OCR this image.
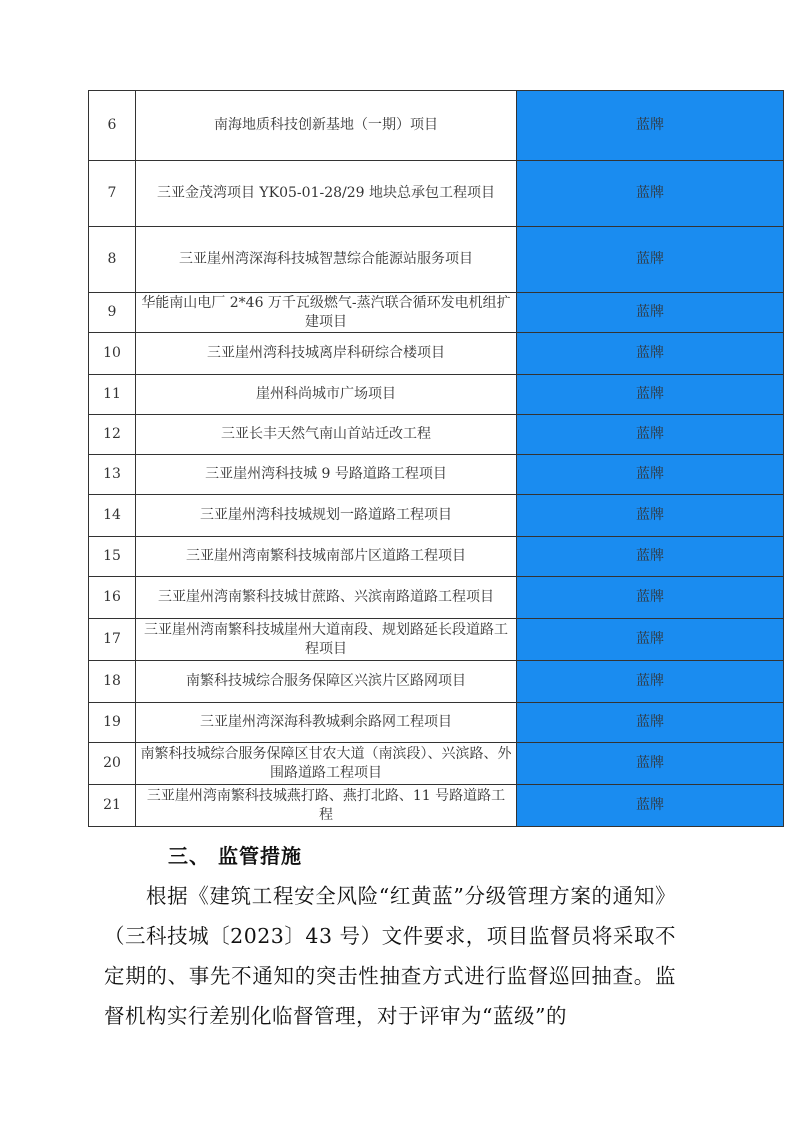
6	南海地质科技创新基地（一期）项目	蓝牌
7	三亚金茂湾项目 YK05-01-28/29 地块总承包工程项目	蓝牌
8	三亚崖州湾深海科技城智慧综合能源站服务项目	蓝牌
9	华能南山电厂 2*46 万千瓦级燃气-蒸汽联合循环发电机组扩建项目	蓝牌
10	三亚崖州湾科技城离岸科研综合楼项目	蓝牌
11	崖州科尚城市广场项目	蓝牌
12	三亚长丰天然气南山首站迁改工程	蓝牌
13	三亚崖州湾科技城 9 号路道路工程项目	蓝牌
14	三亚崖州湾科技城规划一路道路工程项目	蓝牌
15	三亚崖州湾南繁科技城南部片区道路工程项目	蓝牌
16	三亚崖州湾南繁科技城甘蔗路、兴滨南路道路工程项目	蓝牌
17	三亚崖州湾南繁科技城崖州大道南段、规划路延长段道路工程项目	蓝牌
18	南繁科技城综合服务保障区兴滨片区路网项目	蓝牌
19	三亚崖州湾深海科教城剩余路网工程项目	蓝牌
20	南繁科技城综合服务保障区甘农大道（南滨段）、兴滨路、外围路道路工程项目	蓝牌
21	三亚崖州湾南繁科技城燕打路、燕打北路、11 号路道路工程	蓝牌
三、 监管措施
根据《建筑工程安全风险“红黄蓝”分级管理方案的通知》（三科技城〔2023〕43 号）文件要求，项目监督员将采取不定期的、事先不通知的突击性抽查方式进行监督巡回抽查。监督机构实行差别化临督管理，对于评审为“蓝级”的
